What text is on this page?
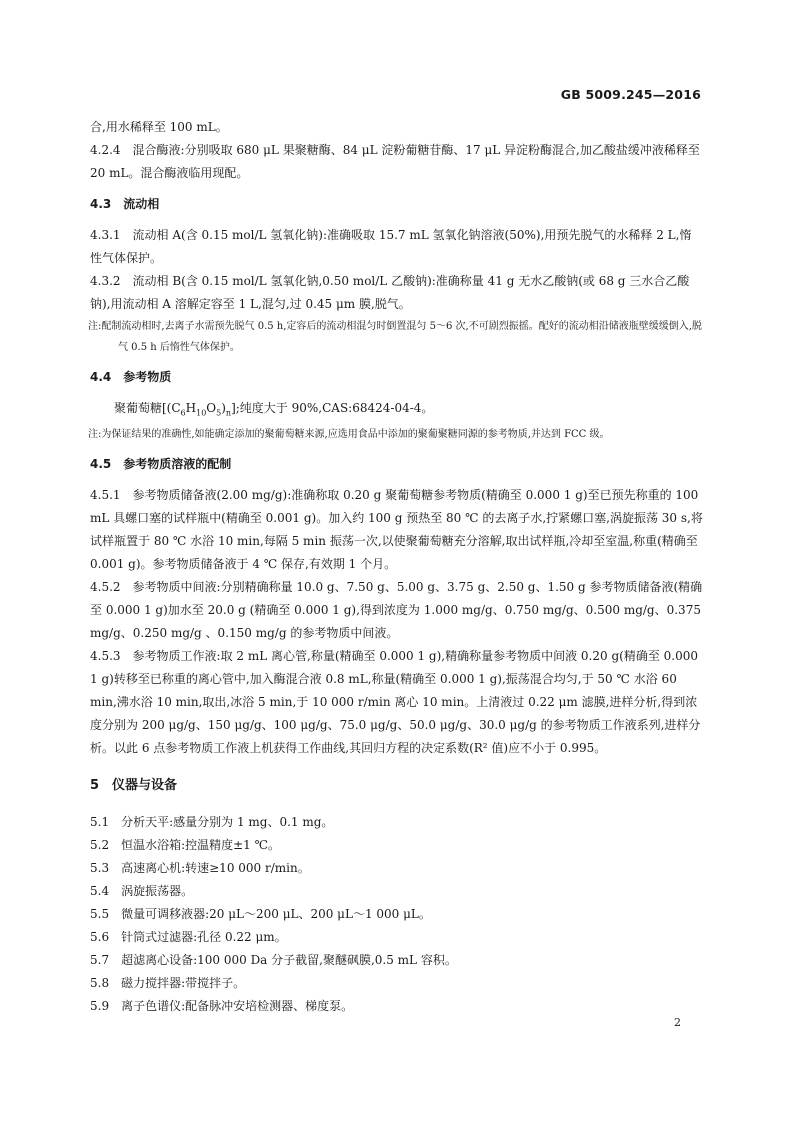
GB 5009.245—2016

合,用水稀释至 100 mL。

4.2.4　混合酶液:分别吸取 680 μL 果聚糖酶、84 μL 淀粉葡糖苷酶、17 μL 异淀粉酶混合,加乙酸盐缓冲液稀释至 20 mL。混合酶液临用现配。

4.3　流动相

4.3.1　流动相 A(含 0.15 mol/L 氢氧化钠):准确吸取 15.7 mL 氢氧化钠溶液(50%),用预先脱气的水稀释 2 L,惰性气体保护。

4.3.2　流动相 B(含 0.15 mol/L 氢氧化钠,0.50 mol/L 乙酸钠):准确称量 41 g 无水乙酸钠(或 68 g 三水合乙酸钠),用流动相 A 溶解定容至 1 L,混匀,过 0.45 μm 膜,脱气。

注:配制流动相时,去离子水需预先脱气 0.5 h,定容后的流动相混匀时倒置混匀 5～6 次,不可剧烈振摇。配好的流动相沿储液瓶壁缓缓倒入,脱气 0.5 h 后惰性气体保护。

4.4　参考物质

聚葡萄糖$[(C_6H_{10}O_5)_n]$;纯度大于 90%,CAS:68424-04-4。

注:为保证结果的准确性,如能确定添加的聚葡萄糖来源,应选用食品中添加的聚葡聚糖同源的参考物质,并达到 FCC 级。

4.5　参考物质溶液的配制

4.5.1　参考物质储备液(2.00 mg/g):准确称取 0.20 g 聚葡萄糖参考物质(精确至 0.000 1 g)至已预先称重的 100 mL 具螺口塞的试样瓶中(精确至 0.001 g)。加入约 100 g 预热至 80 ℃ 的去离子水,拧紧螺口塞,涡旋振荡 30 s,将试样瓶置于 80 ℃ 水浴 10 min,每隔 5 min 振荡一次,以使聚葡萄糖充分溶解,取出试样瓶,冷却至室温,称重(精确至 0.001 g)。参考物质储备液于 4 ℃ 保存,有效期 1 个月。

4.5.2　参考物质中间液:分别精确称量 10.0 g、7.50 g、5.00 g、3.75 g、2.50 g、1.50 g 参考物质储备液(精确至 0.000 1 g)加水至 20.0 g (精确至 0.000 1 g),得到浓度为 1.000 mg/g、0.750 mg/g、0.500 mg/g、0.375 mg/g、0.250 mg/g 、0.150 mg/g 的参考物质中间液。

4.5.3　参考物质工作液:取 2 mL 离心管,称量(精确至 0.000 1 g),精确称量参考物质中间液 0.20 g(精确至 0.000 1 g)转移至已称重的离心管中,加入酶混合液 0.8 mL,称量(精确至 0.000 1 g),振荡混合均匀,于 50 ℃ 水浴 60 min,沸水浴 10 min,取出,冰浴 5 min,于 10 000 r/min 离心 10 min。上清液过 0.22 μm 滤膜,进样分析,得到浓度分别为 200 μg/g、150 μg/g、100 μg/g、75.0 μg/g、50.0 μg/g、30.0 μg/g 的参考物质工作液系列,进样分析。以此 6 点参考物质工作液上机获得工作曲线,其回归方程的决定系数(R² 值)应不小于 0.995。

5　仪器与设备

5.1　分析天平:感量分别为 1 mg、0.1 mg。

5.2　恒温水浴箱:控温精度±1 ℃。

5.3　高速离心机:转速≥10 000 r/min。

5.4　涡旋振荡器。

5.5　微量可调移液器:20 μL～200 μL、200 μL～1 000 μL。

5.6　针筒式过滤器:孔径 0.22 μm。

5.7　超滤离心设备:100 000 Da 分子截留,聚醚砜膜,0.5 mL 容积。

5.8　磁力搅拌器:带搅拌子。

5.9　离子色谱仪:配备脉冲安培检测器、梯度泵。

2
